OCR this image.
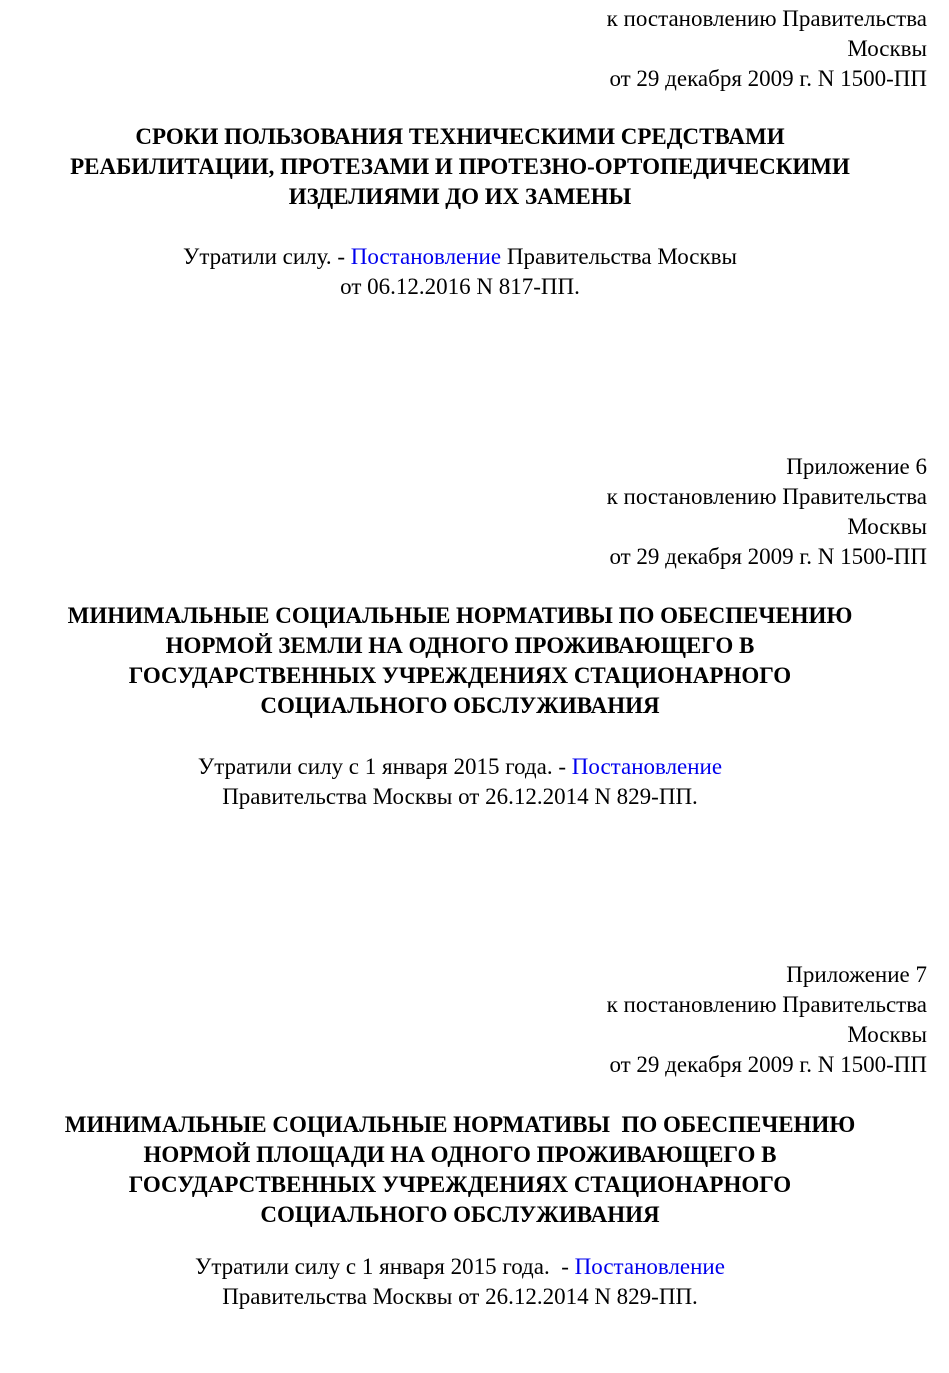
к постановлению Правительства
Москвы
от 29 декабря 2009 г. N 1500-ПП
СРОКИ ПОЛЬЗОВАНИЯ ТЕХНИЧЕСКИМИ СРЕДСТВАМИ
РЕАБИЛИТАЦИИ, ПРОТЕЗАМИ И ПРОТЕЗНО-ОРТОПЕДИЧЕСКИМИ
ИЗДЕЛИЯМИ ДО ИХ ЗАМЕНЫ
Утратили силу. - Постановление Правительства Москвы
от 06.12.2016 N 817-ПП.
Приложение 6
к постановлению Правительства
Москвы
от 29 декабря 2009 г. N 1500-ПП
МИНИМАЛЬНЫЕ СОЦИАЛЬНЫЕ НОРМАТИВЫ ПО ОБЕСПЕЧЕНИЮ
НОРМОЙ ЗЕМЛИ НА ОДНОГО ПРОЖИВАЮЩЕГО В
ГОСУДАРСТВЕННЫХ УЧРЕЖДЕНИЯХ СТАЦИОНАРНОГО
СОЦИАЛЬНОГО ОБСЛУЖИВАНИЯ
Утратили силу с 1 января 2015 года. - Постановление
Правительства Москвы от 26.12.2014 N 829-ПП.
Приложение 7
к постановлению Правительства
Москвы
от 29 декабря 2009 г. N 1500-ПП
МИНИМАЛЬНЫЕ СОЦИАЛЬНЫЕ НОРМАТИВЫ  ПО ОБЕСПЕЧЕНИЮ
НОРМОЙ ПЛОЩАДИ НА ОДНОГО ПРОЖИВАЮЩЕГО В
ГОСУДАРСТВЕННЫХ УЧРЕЖДЕНИЯХ СТАЦИОНАРНОГО
СОЦИАЛЬНОГО ОБСЛУЖИВАНИЯ
Утратили силу с 1 января 2015 года.  - Постановление
Правительства Москвы от 26.12.2014 N 829-ПП.
